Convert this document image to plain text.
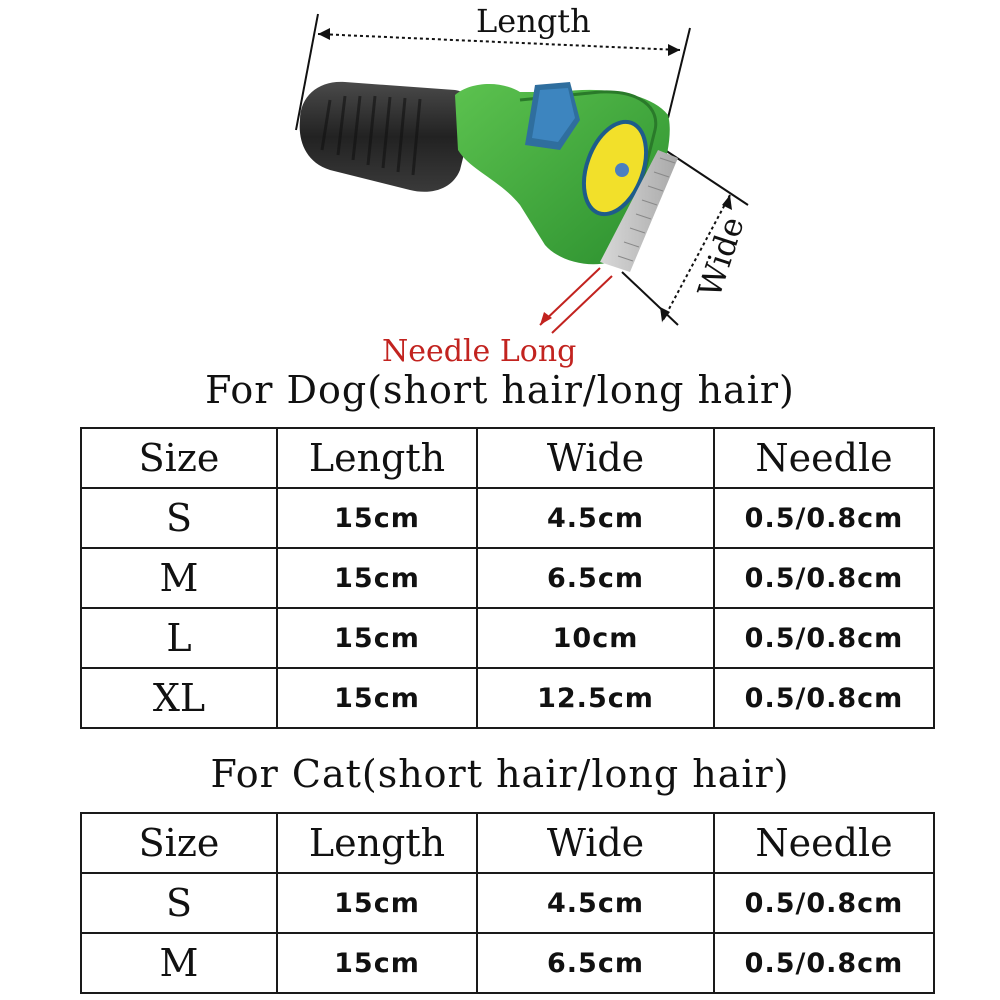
Length
Wide
Needle Long
For Dog(short hair/long hair)
Size	Length	Wide	Needle
S	15cm	4.5cm	0.5/0.8cm
M	15cm	6.5cm	0.5/0.8cm
L	15cm	10cm	0.5/0.8cm
XL	15cm	12.5cm	0.5/0.8cm
For Cat(short hair/long hair)
Size	Length	Wide	Needle
S	15cm	4.5cm	0.5/0.8cm
M	15cm	6.5cm	0.5/0.8cm
